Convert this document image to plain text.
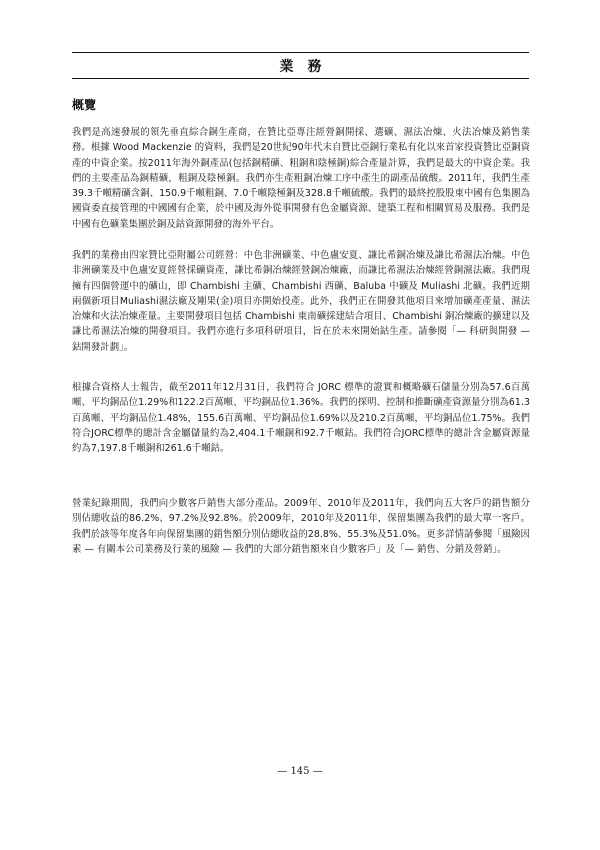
業務
概覽

我們是高速發展的領先垂直綜合銅生產商，在贊比亞專注經營銅開採、選礦、濕法冶煉、火法冶煉及銷售業務。根據 Wood Mackenzie 的資料，我們是20世紀90年代末自贊比亞銅行業私有化以來首家投資贊比亞銅資產的中資企業。按2011年海外銅產品(包括銅精礦、粗銅和陰極銅)綜合產量計算，我們是最大的中資企業。我們的主要產品為銅精礦，粗銅及陰極銅。我們亦生產粗銅冶煉工序中產生的副產品硫酸。2011年，我們生產39.3千噸精礦含銅、150.9千噸粗銅、7.0千噸陰極銅及328.8千噸硫酸。我們的最終控股股東中國有色集團為國資委直接管理的中國國有企業，於中國及海外從事開發有色金屬資源、建築工程和相關貿易及服務。我們是中國有色礦業集團於銅及鈷資源開發的海外平台。

我們的業務由四家贊比亞附屬公司經營：中色非洲礦業、中色盧安夏、謙比希銅冶煉及謙比希濕法冶煉。中色非洲礦業及中色盧安夏經營採礦資產，謙比希銅冶煉經營銅冶煉廠，而謙比希濕法冶煉經營銅濕法廠。我們現擁有四個營運中的礦山，即 Chambishi 主礦、Chambishi 西礦、Baluba 中礦及 Muliashi 北礦。我們近期兩個新項目Muliashi濕法廠及剛果(金)項目亦開始投產。此外，我們正在開發其他項目來增加礦產產量、濕法冶煉和火法冶煉產量。主要開發項目包括 Chambishi 東南礦採建結合項目、Chambishi 銅冶煉廠的擴建以及謙比希濕法冶煉的開發項目。我們亦進行多項科研項目，旨在於未來開始鈷生產。請參閱「— 科研與開發 — 鈷開發計劃」。

根據合資格人士報告，截至2011年12月31日，我們符合 JORC 標準的證實和概略礦石儲量分別為57.6百萬噸、平均銅品位1.29%和122.2百萬噸、平均銅品位1.36%。我們的探明、控制和推斷礦產資源量分別為61.3百萬噸、平均銅品位1.48%，155.6百萬噸、平均銅品位1.69%以及210.2百萬噸，平均銅品位1.75%。我們符合JORC標準的總計含金屬儲量約為2,404.1千噸銅和92.7千噸鈷。我們符合JORC標準的總計含金屬資源量約為7,197.8千噸銅和261.6千噸鈷。

營業紀錄期間，我們向少數客戶銷售大部分產品。2009年、2010年及2011年，我們向五大客戶的銷售額分別佔總收益的86.2%、97.2%及92.8%。於2009年，2010年及2011年，保留集團為我們的最大單一客戶。我們於該等年度各年向保留集團的銷售額分別佔總收益的28.8%、55.3%及51.0%。更多詳情請參閱「風險因素 — 有關本公司業務及行業的風險 — 我們的大部分銷售額來自少數客戶」及「— 銷售、分銷及營銷」。

— 145 —
